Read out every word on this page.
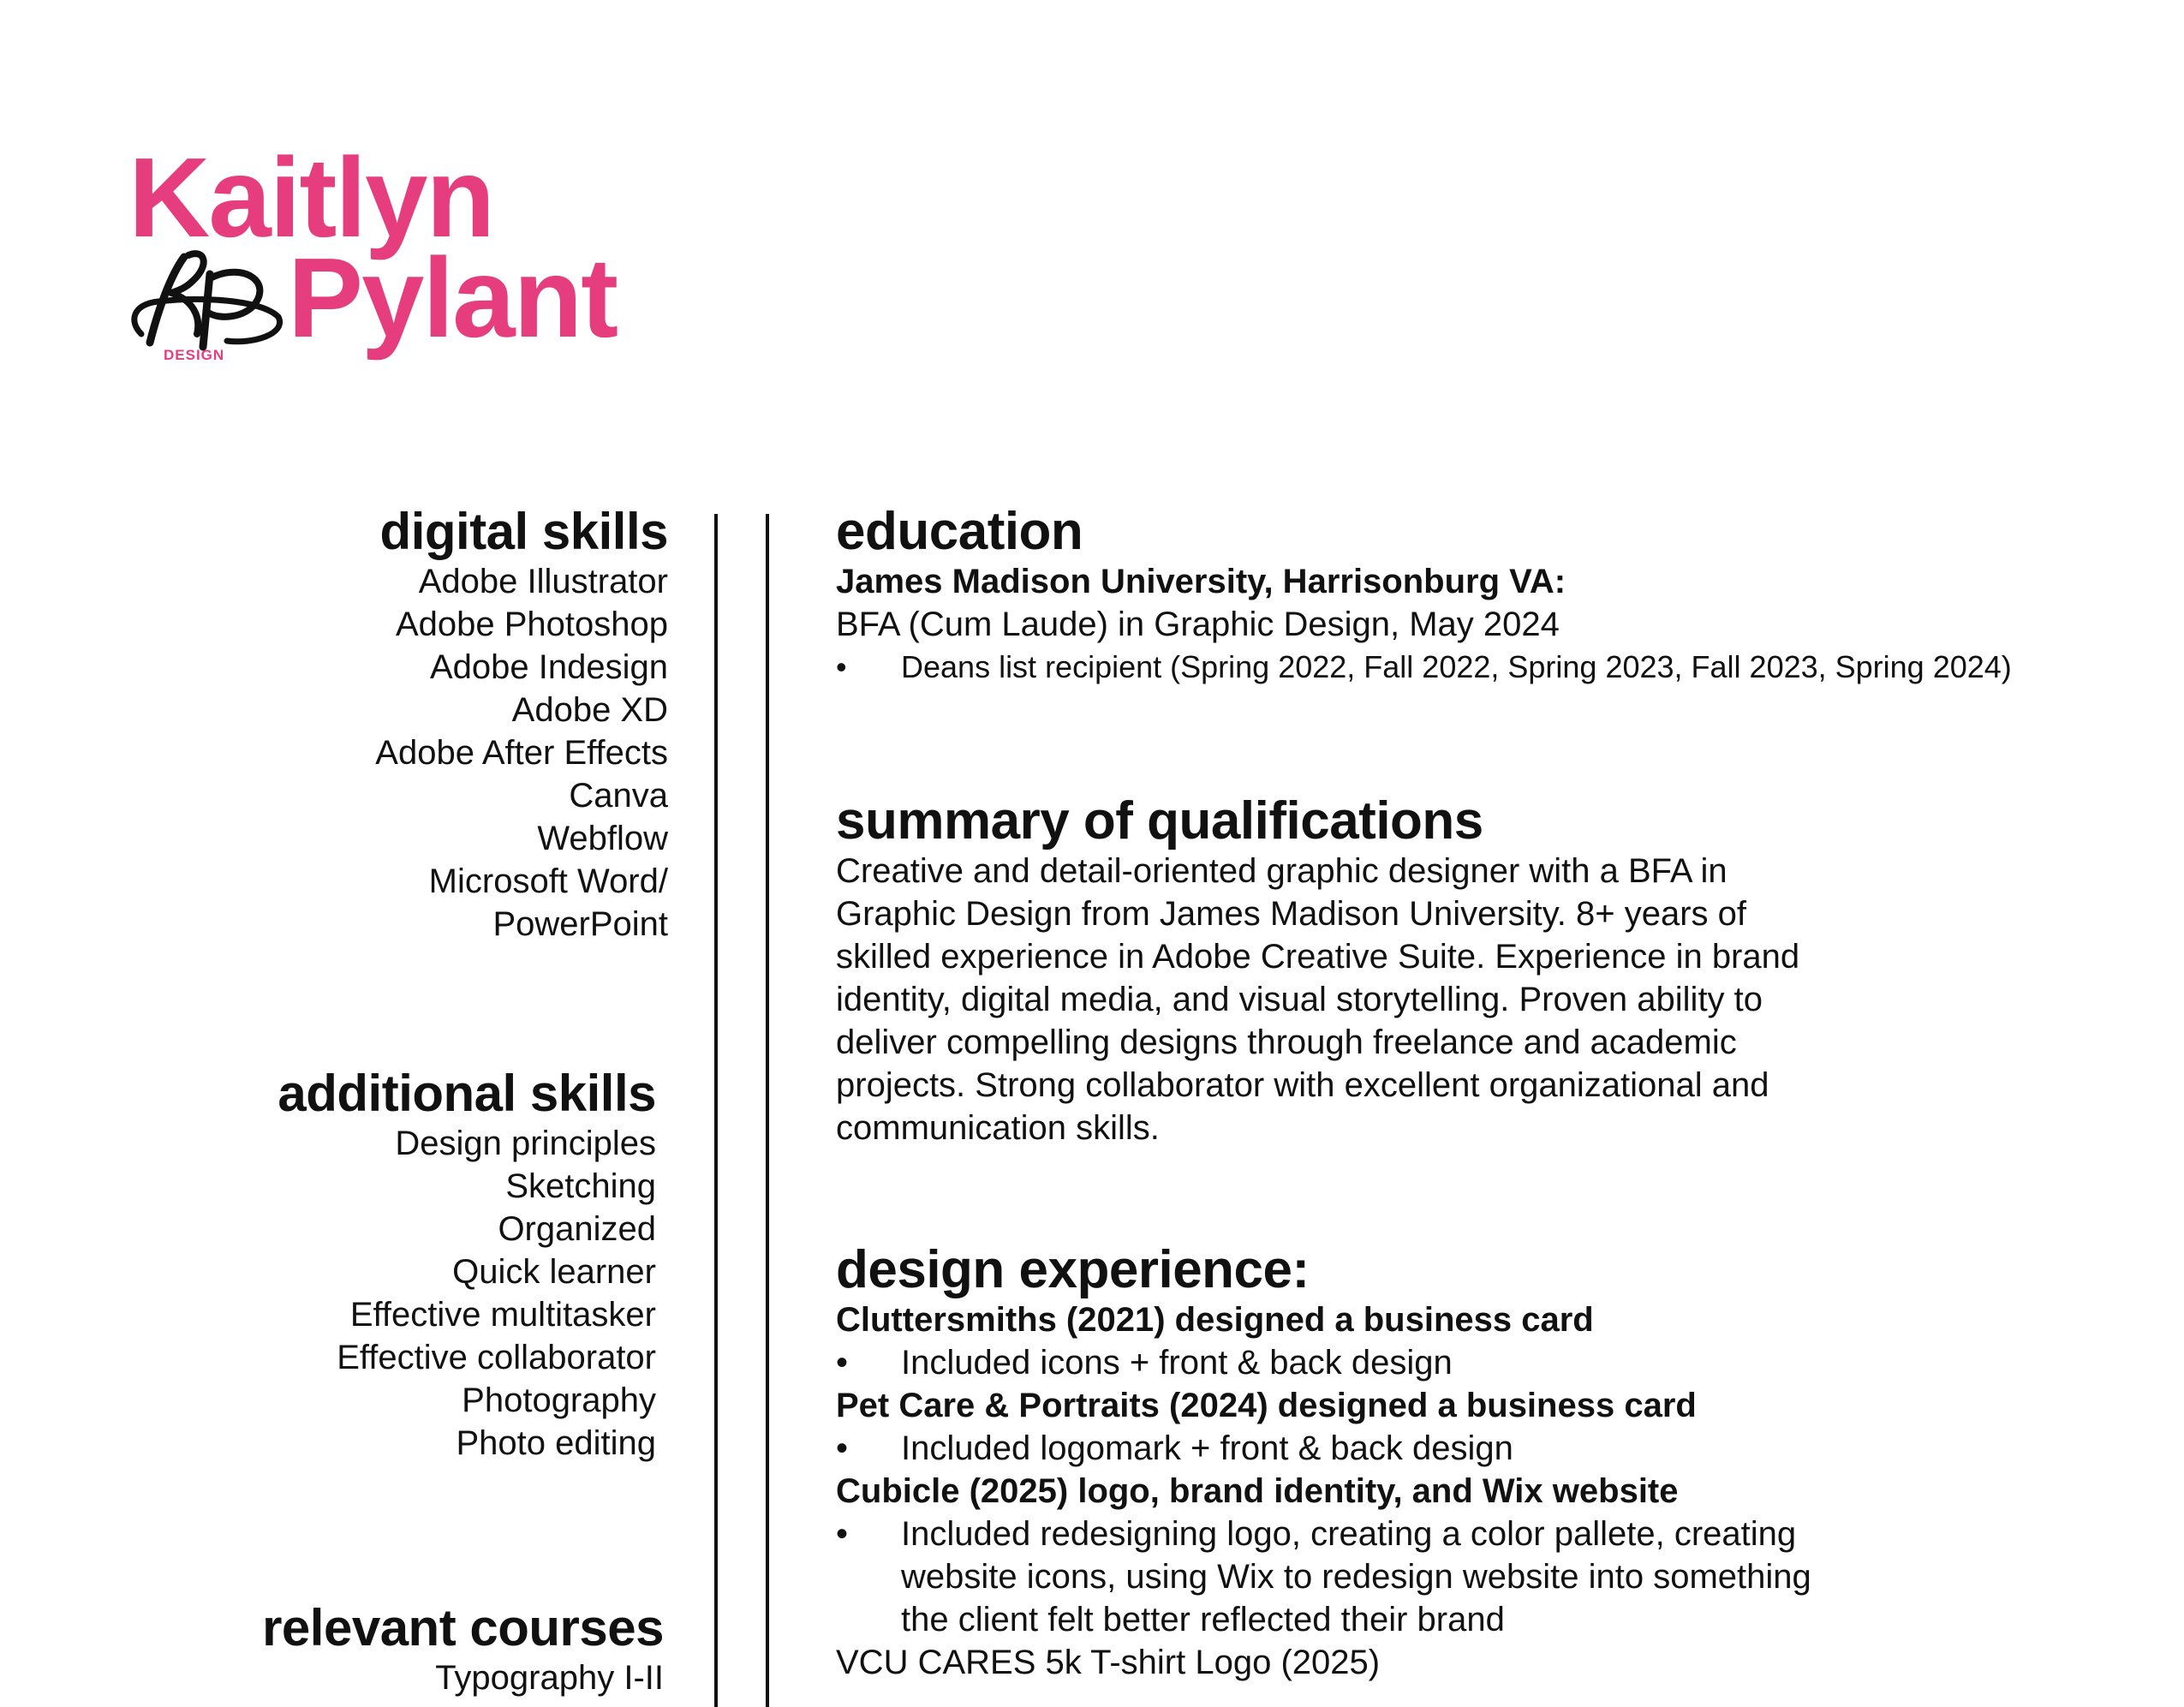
Kaitlyn
Pylant
DESIGN
digital skills
Adobe Illustrator
Adobe Photoshop
Adobe Indesign
Adobe XD
Adobe After Effects
Canva
Webflow
Microsoft Word/
PowerPoint
additional skills
Design principles
Sketching
Organized
Quick learner
Effective multitasker
Effective collaborator
Photography
Photo editing
relevant courses
Typography I-II
education
James Madison University, Harrisonburg VA:
BFA (Cum Laude) in Graphic Design, May 2024
• Deans list recipient (Spring 2022, Fall 2022, Spring 2023, Fall 2023, Spring 2024)
summary of qualifications
Creative and detail-oriented graphic designer with a BFA in
Graphic Design from James Madison University. 8+ years of
skilled experience in Adobe Creative Suite. Experience in brand
identity, digital media, and visual storytelling. Proven ability to
deliver compelling designs through freelance and academic
projects. Strong collaborator with excellent organizational and
communication skills.
design experience:
Cluttersmiths (2021) designed a business card
• Included icons + front & back design
Pet Care & Portraits (2024) designed a business card
• Included logomark + front & back design
Cubicle (2025) logo, brand identity, and Wix website
• Included redesigning logo, creating a color pallete, creating
website icons, using Wix to redesign website into something
the client felt better reflected their brand
VCU CARES 5k T-shirt Logo (2025)
